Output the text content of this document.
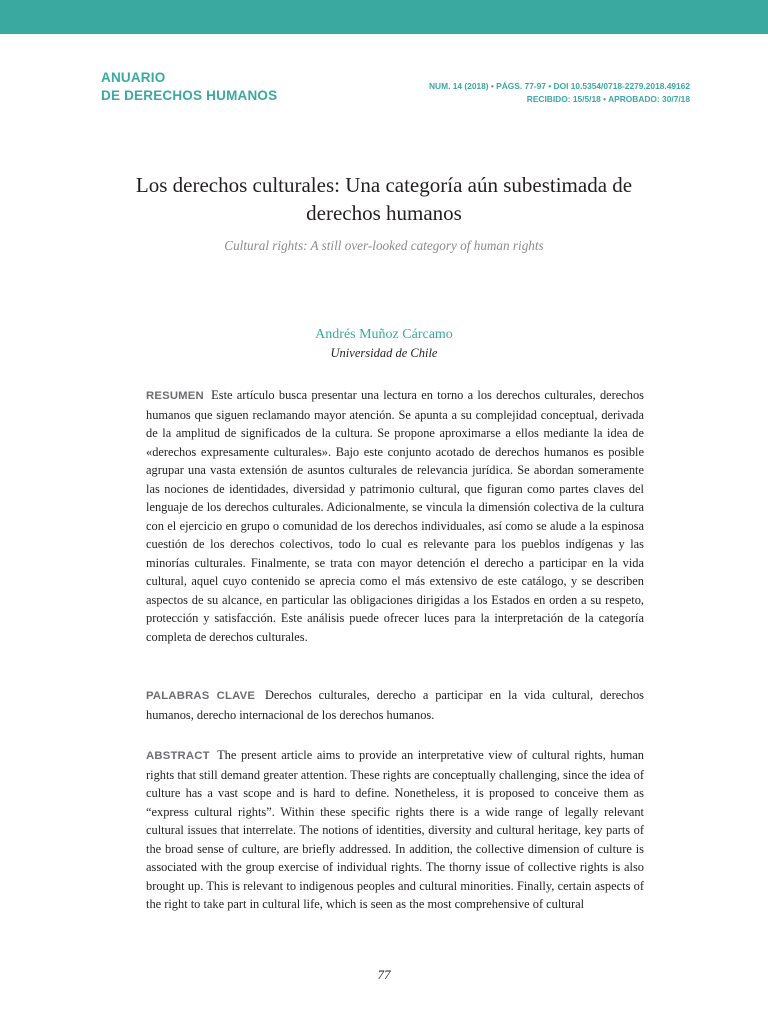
ANUARIO
DE DERECHOS HUMANOS
NUM. 14 (2018) • PÁGS. 77-97 • DOI 10.5354/0718-2279.2018.49162
RECIBIDO: 15/5/18 • APROBADO: 30/7/18
Los derechos culturales: Una categoría aún subestimada de derechos humanos
Cultural rights: A still over-looked category of human rights
Andrés Muñoz Cárcamo
Universidad de Chile

RESUMEN Este artículo busca presentar una lectura en torno a los derechos culturales, derechos humanos que siguen reclamando mayor atención. Se apunta a su complejidad conceptual, derivada de la amplitud de significados de la cultura. Se propone aproximarse a ellos mediante la idea de «derechos expresamente culturales». Bajo este conjunto acotado de derechos humanos es posible agrupar una vasta extensión de asuntos culturales de relevancia jurídica. Se abordan someramente las nociones de identidades, diversidad y patrimonio cultural, que figuran como partes claves del lenguaje de los derechos culturales. Adicionalmente, se vincula la dimensión colectiva de la cultura con el ejercicio en grupo o comunidad de los derechos individuales, así como se alude a la espinosa cuestión de los derechos colectivos, todo lo cual es relevante para los pueblos indígenas y las minorías culturales. Finalmente, se trata con mayor detención el derecho a participar en la vida cultural, aquel cuyo contenido se aprecia como el más extensivo de este catálogo, y se describen aspectos de su alcance, en particular las obligaciones dirigidas a los Estados en orden a su respeto, protección y satisfacción. Este análisis puede ofrecer luces para la interpretación de la categoría completa de derechos culturales.

PALABRAS CLAVE Derechos culturales, derecho a participar en la vida cultural, derechos humanos, derecho internacional de los derechos humanos.

ABSTRACT The present article aims to provide an interpretative view of cultural rights, human rights that still demand greater attention. These rights are conceptually challenging, since the idea of culture has a vast scope and is hard to define. Nonetheless, it is proposed to conceive them as “express cultural rights”. Within these specific rights there is a wide range of legally relevant cultural issues that interrelate. The notions of identities, diversity and cultural heritage, key parts of the broad sense of culture, are briefly addressed. In addition, the collective dimension of culture is associated with the group exercise of individual rights. The thorny issue of collective rights is also brought up. This is relevant to indigenous peoples and cultural minorities. Finally, certain aspects of the right to take part in cultural life, which is seen as the most comprehensive of cultural

77
